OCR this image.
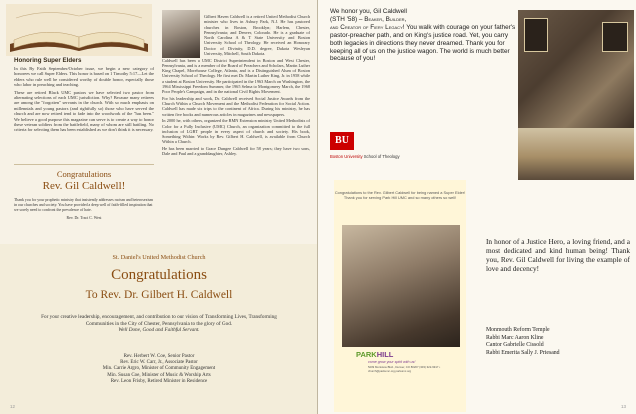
Honoring Super Elders

In this By Faith September/October issue, we begin a new category of honorees we call Super Elders. This honor is based on 1 Timothy 5:17—Let the elders who rule well be considered worthy of double honor, especially those who labor in preaching and teaching.

These are retired Black UMC pastors we have selected two pastor from alternating selections of each UMC jurisdiction. Why? Because many retirees are among the "forgotten" servants in the church. With so much emphasis on millennials and young pastors (and rightfully so) those who have served the church and are now retired tend to fade into the woodwork of the "has been." We believe a good purpose this magazine can serve is to create a way to honor these veteran soldiers from the battlefield, many of whom are still battling. No criteria for selecting them has been established as we don't think it is necessary.

Congratulations
Rev. Gil Caldwell!

Thank you for your prophetic ministry that insistently addresses racism and heterosexism in our churches and society. You have provided a deep well of faith-filled inspiration that we sorely need to confront the prevalence of hate.

Rev. Dr. Traci C. West

Gilbert Haven Caldwell is a retired United Methodist Church minister who lives in Asbury Park, N.J. He has pastored churches in Boston, Brooklyn; Harlem, Chester, Pennsylvania; and Denver, Colorado. He is a graduate of North Carolina A & T State University and Boston University School of Theology. He received an Honorary Doctor of Divinity, D.D. degree, Dakota Wesleyan University, Mitchell, South Dakota.

Caldwell has been a UMC District Superintendent in Boston and West Chester, Pennsylvania, and is a member of the Board of Preachers and Scholars, Martin Luther King Chapel, Morehouse College, Atlanta, and is a Distinguished Alum of Boston University School of Theology. He first met Dr. Martin Luther King, Jr. in 1958 while a student at Boston University. He participated in the 1963 March on Washington, the 1964 Mississippi Freedom Summer, the 1965 Selma to Montgomery March, the 1968 Poor People's Campaign, and in the national Civil Rights Movement.

For his leadership and work, Dr. Caldwell received Social Justice Awards from the Church Within a Church Movement and the Methodist Federation for Social Action. Caldwell has made six trips to the continent of Africa. During his ministry, he has written five books and numerous articles in magazines and newspapers.

In 2000 he, with others, organized the RMN Extension ministry United Methodists of Color for a Fully Inclusive (UMC) Church, an organization committed to the full inclusion of LGBT people in every aspect of church and society. His book, Something Within: Works by Rev. Gilbert H. Caldwell, is available from Church Within a Church.

He has been married to Grace Dungee Caldwell for 58 years; they have two sons, Dale and Paul and a granddaughter, Ashley.

St. Daniel's United Methodist Church
Congratulations
To Rev. Dr. Gilbert H. Caldwell
For your creative leadership, encouragement, and contribution to our vision of Transforming Lives, Transforming Communities in the City of Chester, Pennsylvania to the glory of God.
Well Done, Good and Faithful Servant.
Rev. Herbert W. Coe, Senior Pastor
Rev. Eric W. Carr, Jr., Associate Pastor
Min. Carrie Argro, Minister of Community Engagement
Min. Susan Coe, Minister of Music & Worship Arts
Rev. Leon Frisby, Retired Minister in Residence
12
We honor you, Gil Caldwell
(STH '58) – Beaker, Builder,
and Creator of Fiery Legacy! You walk with courage on your father's pastor-preacher path, and on King's justice road. Yet, you carry both legacies in directions they never dreamed. Thank you for keeping all of us on the justice wagon. The world is much better because of you!
BU
Boston University School of Theology
Congratulations to the Rev. Gilbert Caldwell for being named a Super Elder! Thank you for serving Park Hill UMC and so many others so well!
PARKHILL
come grow your spirit with us!
5209 Montview Blvd., Denver, CO 80207 (303) 322-9917 • church@parkumc.org parkumc.org
In honor of a Justice Hero, a loving friend, and a most dedicated and kind human being! Thank you, Rev. Gil Caldwell for living the example of love and decency!
Monmouth Reform Temple
Rabbi Marc Aaron Kline
Cantor Gabrielle Cissold
Rabbi Emerita Sally J. Priesand
13
